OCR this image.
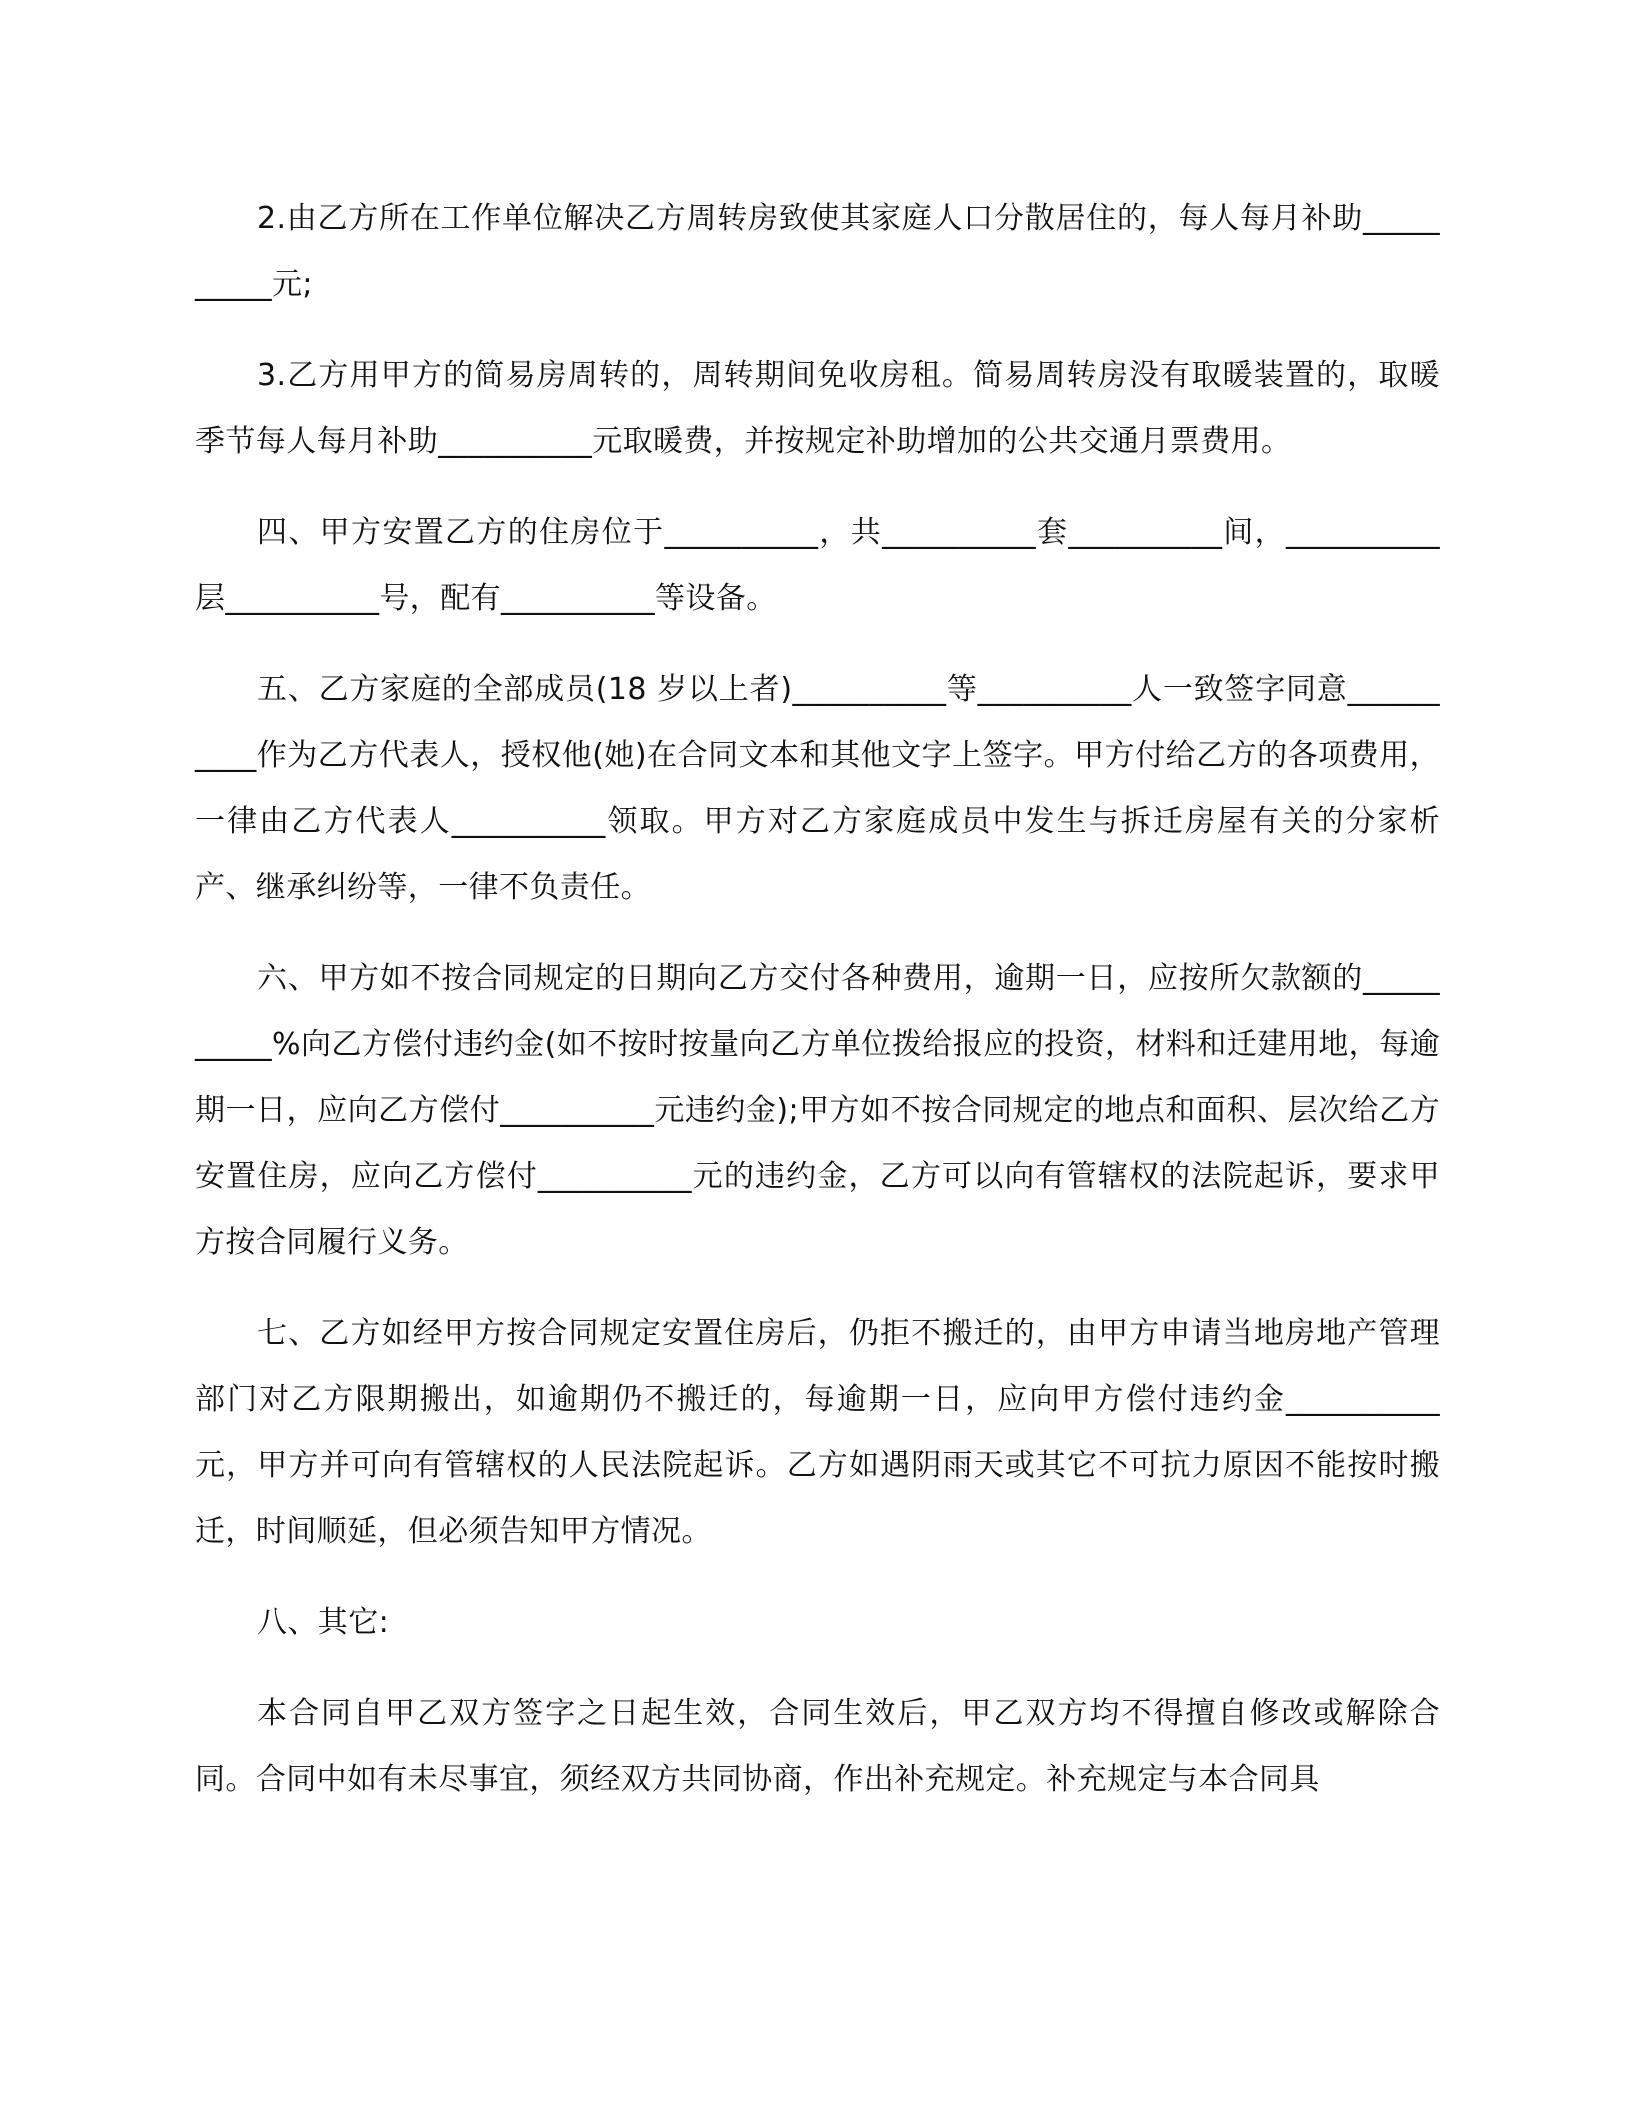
2.由乙方所在工作单位解决乙方周转房致使其家庭人口分散居住的，每人每月补助__________元;

3.乙方用甲方的简易房周转的，周转期间免收房租。简易周转房没有取暖装置的，取暖季节每人每月补助__________元取暖费，并按规定补助增加的公共交通月票费用。

四、甲方安置乙方的住房位于__________，共__________套__________间，__________层__________号，配有__________等设备。

五、乙方家庭的全部成员(18 岁以上者)__________等__________人一致签字同意__________作为乙方代表人，授权他(她)在合同文本和其他文字上签字。甲方付给乙方的各项费用，一律由乙方代表人__________领取。甲方对乙方家庭成员中发生与拆迁房屋有关的分家析产、继承纠纷等，一律不负责任。

六、甲方如不按合同规定的日期向乙方交付各种费用，逾期一日，应按所欠款额的__________%向乙方偿付违约金(如不按时按量向乙方单位拨给报应的投资，材料和迁建用地，每逾期一日，应向乙方偿付__________元违约金);甲方如不按合同规定的地点和面积、层次给乙方安置住房，应向乙方偿付__________元的违约金，乙方可以向有管辖权的法院起诉，要求甲方按合同履行义务。

七、乙方如经甲方按合同规定安置住房后，仍拒不搬迁的，由甲方申请当地房地产管理部门对乙方限期搬出，如逾期仍不搬迁的，每逾期一日，应向甲方偿付违约金__________元，甲方并可向有管辖权的人民法院起诉。乙方如遇阴雨天或其它不可抗力原因不能按时搬迁，时间顺延，但必须告知甲方情况。

八、其它:

本合同自甲乙双方签字之日起生效，合同生效后，甲乙双方均不得擅自修改或解除合同。合同中如有未尽事宜，须经双方共同协商，作出补充规定。补充规定与本合同具
